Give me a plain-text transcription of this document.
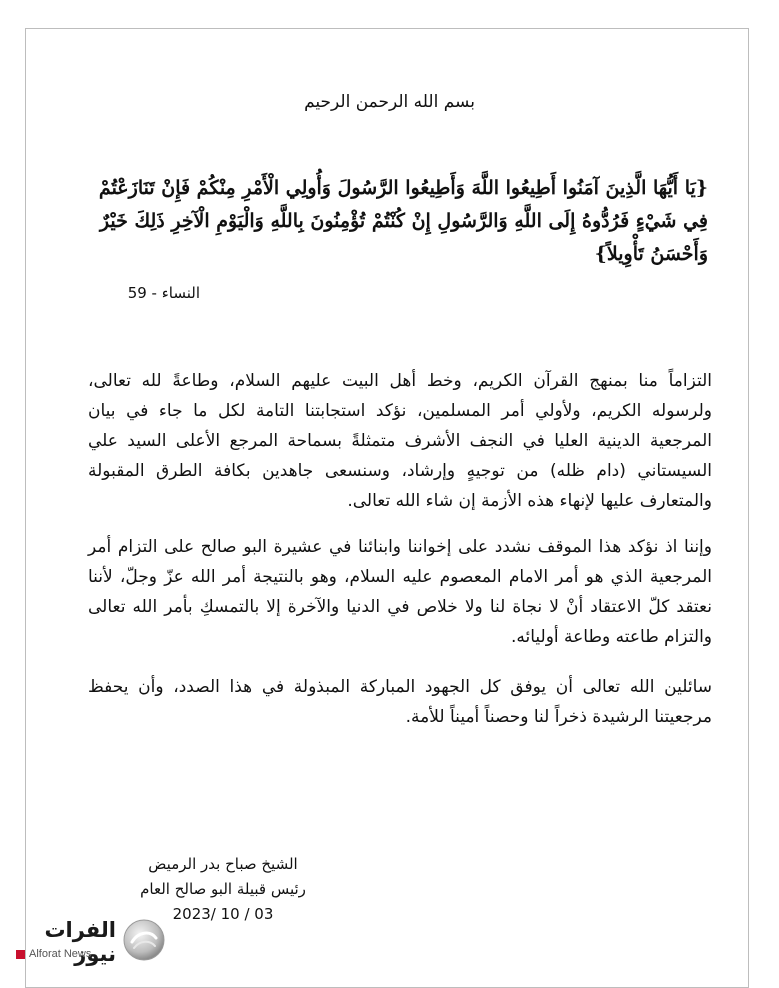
بسم الله الرحمن الرحيم
{يَا أَيُّهَا الَّذِينَ آمَنُوا أَطِيعُوا اللَّهَ وَأَطِيعُوا الرَّسُولَ وَأُولِي الْأَمْرِ مِنْكُمْ فَإِنْ تَنَازَعْتُمْ فِي شَيْءٍ فَرُدُّوهُ إِلَى اللَّهِ وَالرَّسُولِ إِنْ كُنْتُمْ تُؤْمِنُونَ بِاللَّهِ وَالْيَوْمِ الْآخِرِ ذَلِكَ خَيْرٌ وَأَحْسَنُ تَأْوِيلاً}
النساء - 59
التزاماً منا بمنهج القرآن الكريم، وخط أهل البيت عليهم السلام، وطاعةً لله تعالى، ولرسوله الكريم، ولأولي أمر المسلمين، نؤكد استجابتنا التامة لكل ما جاء في بيان المرجعية الدينية العليا في النجف الأشرف متمثلةً بسماحة المرجع الأعلى السيد علي السيستاني (دام ظله) من توجيهٍ وإرشاد، وسنسعى جاهدين بكافة الطرق المقبولة والمتعارف عليها لإنهاء هذه الأزمة إن شاء الله تعالى.
وإننا اذ نؤكد هذا الموقف نشدد على إخواننا وابنائنا في عشيرة البو صالح على التزام أمر المرجعية الذي هو أمر الامام المعصوم عليه السلام، وهو بالنتيجة أمر الله عزّ وجلّ، لأننا نعتقد كلّ الاعتقاد أنْ لا نجاة لنا ولا خلاص في الدنيا والآخرة إلا بالتمسكِ بأمر الله تعالى والتزام طاعته وطاعة أوليائه.
سائلين الله تعالى أن يوفق كل الجهود المباركة المبذولة في هذا الصدد، وأن يحفظ مرجعيتنا الرشيدة ذخراً لنا وحصناً أميناً للأمة.
الشيخ صباح بدر الرميض
رئيس قبيلة البو صالح العام
2023/ 10 / 03
الفرات نيوز
Alforat News
